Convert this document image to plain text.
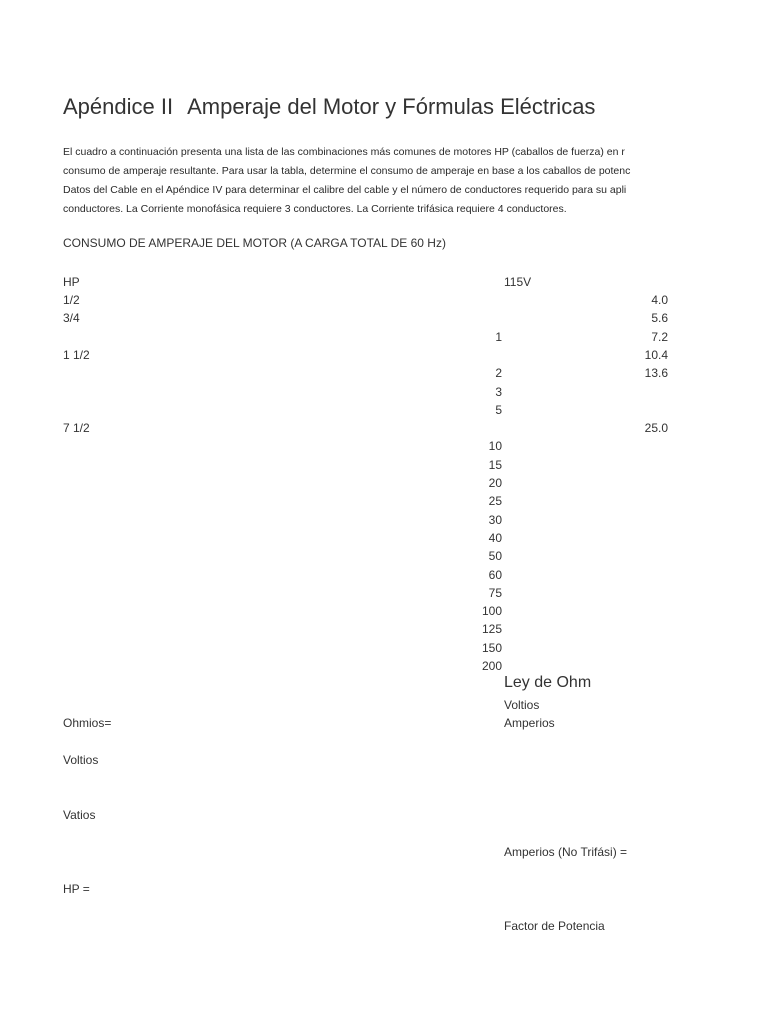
Apéndice II Amperaje del Motor y Fórmulas Eléctricas
El cuadro a continuación presenta una lista de las combinaciones más comunes de motores HP (caballos de fuerza) en r
consumo de amperaje resultante. Para usar la tabla, determine el consumo de amperaje en base a los caballos de potenc
Datos del Cable en el Apéndice IV para determinar el calibre del cable y el número de conductores requerido para su apli
conductores. La Corriente monofásica requiere 3 conductores. La Corriente trifásica requiere 4 conductores.
CONSUMO DE AMPERAJE DEL MOTOR (A CARGA TOTAL DE 60 Hz)
HP	115V
1/2	4.0
3/4	5.6
1	7.2
1 1/2	10.4
2	13.6
3
5
7 1/2	25.0
10
15
20
25
30
40
50
60
75
100
125
150
200
Ley de Ohm
Voltios
Ohmios=	Amperios
Voltios
Vatios
Amperios (No Trifási) =
HP =
Factor de Potencia
